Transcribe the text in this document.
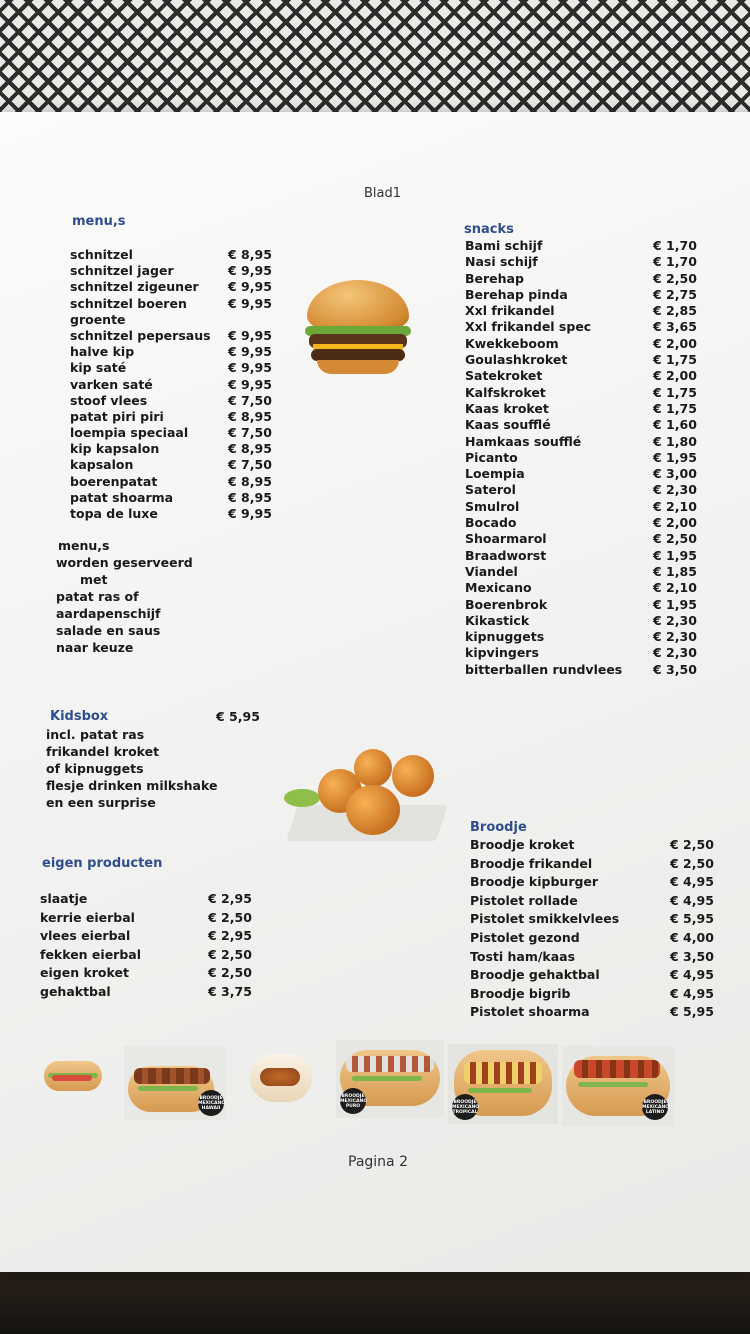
Blad1
menu,s
schnitzel	€ 8,95
schnitzel jager	€ 9,95
schnitzel zigeuner € 9,95
schnitzel boeren	€ 9,95
groente
schnitzel pepersaus € 9,95
halve kip	€ 9,95
kip saté	€ 9,95
varken saté	€ 9,95
stoof vlees	€ 7,50
patat piri piri	€ 8,95
loempia speciaal	€ 7,50
kip kapsalon	€ 8,95
kapsalon	€ 7,50
boerenpatat	€ 8,95
patat shoarma	€ 8,95
topa de luxe	€ 9,95
menu,s
worden geserveerd
met
patat ras of
aardapenschijf
salade en saus
naar keuze
snacks
Bami schijf	€ 1,70
Nasi schijf	€ 1,70
Berehap	€ 2,50
Berehap pinda	€ 2,75
Xxl frikandel	€ 2,85
Xxl frikandel spec	€ 3,65
Kwekkeboom	€ 2,00
Goulashkroket	€ 1,75
Satekroket	€ 2,00
Kalfskroket	€ 1,75
Kaas kroket	€ 1,75
Kaas soufflé	€ 1,60
Hamkaas soufflé	€ 1,80
Picanto	€ 1,95
Loempia	€ 3,00
Saterol	€ 2,30
Smulrol	€ 2,10
Bocado	€ 2,00
Shoarmarol	€ 2,50
Braadworst	€ 1,95
Viandel	€ 1,85
Mexicano	€ 2,10
Boerenbrok	€ 1,95
Kikastick	€ 2,30
kipnuggets	€ 2,30
kipvingers	€ 2,30
bitterballen rundvlees € 3,50
Kidsbox	€ 5,95
incl. patat ras
frikandel kroket
of kipnuggets
flesje drinken milkshake
en een surprise
eigen producten
slaatje	€ 2,95
kerrie eierbal	€ 2,50
vlees eierbal	€ 2,95
fekken eierbal	€ 2,50
eigen kroket	€ 2,50
gehaktbal	€ 3,75
Broodje
Broodje kroket	€ 2,50
Broodje frikandel	€ 2,50
Broodje kipburger	€ 4,95
Pistolet rollade	€ 4,95
Pistolet smikkelvlees	€ 5,95
Pistolet gezond	€ 4,00
Tosti ham/kaas	€ 3,50
Broodje gehaktbal	€ 4,95
Broodje bigrib	€ 4,95
Pistolet shoarma	€ 5,95
BROODJE
MEXICANO
HAWAII
BROODJE
MEXICANO
PURO
BROODJE
MEXICANO
TROPICAL
BROODJE
MEXICANO
LATINO
Pagina 2
